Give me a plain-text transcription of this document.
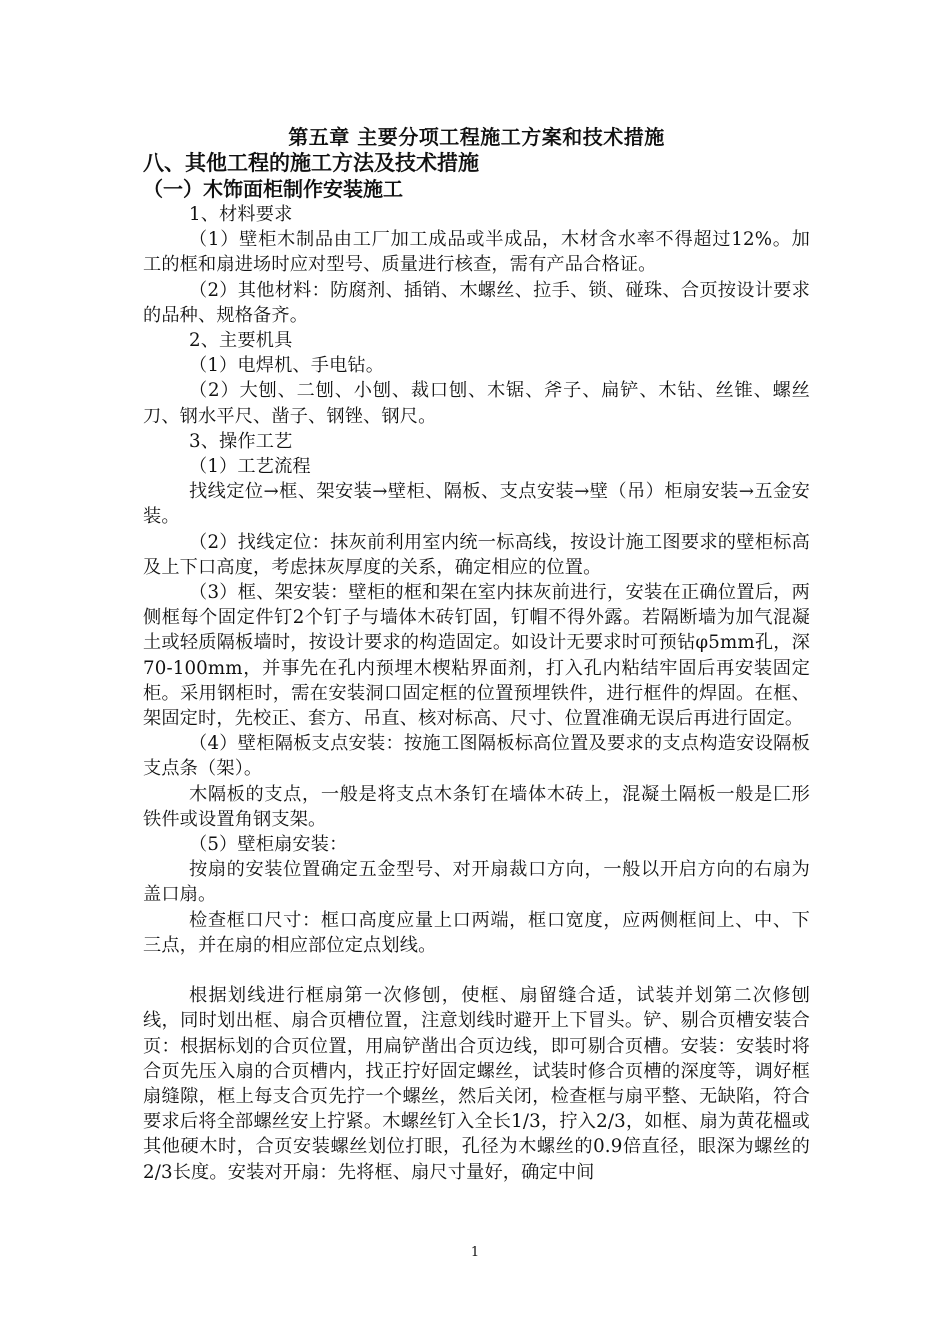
第五章 主要分项工程施工方案和技术措施
八、其他工程的施工方法及技术措施
（一）木饰面柜制作安装施工

1、材料要求

（1）壁柜木制品由工厂加工成品或半成品，木材含水率不得超过12%。加工的框和扇进场时应对型号、质量进行核查，需有产品合格证。

（2）其他材料：防腐剂、插销、木螺丝、拉手、锁、碰珠、合页按设计要求的品种、规格备齐。

2、主要机具

（1）电焊机、手电钻。

（2）大刨、二刨、小刨、裁口刨、木锯、斧子、扁铲、木钻、丝锥、螺丝刀、钢水平尺、凿子、钢锉、钢尺。

3、操作工艺

（1）工艺流程

找线定位→框、架安装→壁柜、隔板、支点安装→壁（吊）柜扇安装→五金安装。

（2）找线定位：抹灰前利用室内统一标高线，按设计施工图要求的壁柜标高及上下口高度，考虑抹灰厚度的关系，确定相应的位置。

（3）框、架安装：壁柜的框和架在室内抹灰前进行，安装在正确位置后，两侧框每个固定件钉2个钉子与墙体木砖钉固，钉帽不得外露。若隔断墙为加气混凝土或轻质隔板墙时，按设计要求的构造固定。如设计无要求时可预钻φ5mm孔，深70-100mm，并事先在孔内预埋木楔粘界面剂，打入孔内粘结牢固后再安装固定柜。采用钢柜时，需在安装洞口固定框的位置预埋铁件，进行框件的焊固。在框、架固定时，先校正、套方、吊直、核对标高、尺寸、位置准确无误后再进行固定。

（4）壁柜隔板支点安装：按施工图隔板标高位置及要求的支点构造安设隔板支点条（架）。

木隔板的支点，一般是将支点木条钉在墙体木砖上，混凝土隔板一般是匚形铁件或设置角钢支架。

（5）壁柜扇安装：

按扇的安装位置确定五金型号、对开扇裁口方向，一般以开启方向的右扇为盖口扇。

检查框口尺寸：框口高度应量上口两端，框口宽度，应两侧框间上、中、下三点，并在扇的相应部位定点划线。

根据划线进行框扇第一次修刨，使框、扇留缝合适，试装并划第二次修刨线，同时划出框、扇合页槽位置，注意划线时避开上下冒头。铲、剔合页槽安装合页：根据标划的合页位置，用扁铲凿出合页边线，即可剔合页槽。安装：安装时将合页先压入扇的合页槽内，找正拧好固定螺丝，试装时修合页槽的深度等，调好框扇缝隙，框上每支合页先拧一个螺丝，然后关闭，检查框与扇平整、无缺陷，符合要求后将全部螺丝安上拧紧。木螺丝钉入全长1/3，拧入2/3，如框、扇为黄花榲或其他硬木时，合页安装螺丝划位打眼，孔径为木螺丝的0.9倍直径，眼深为螺丝的2/3长度。安装对开扇：先将框、扇尺寸量好，确定中间

1
